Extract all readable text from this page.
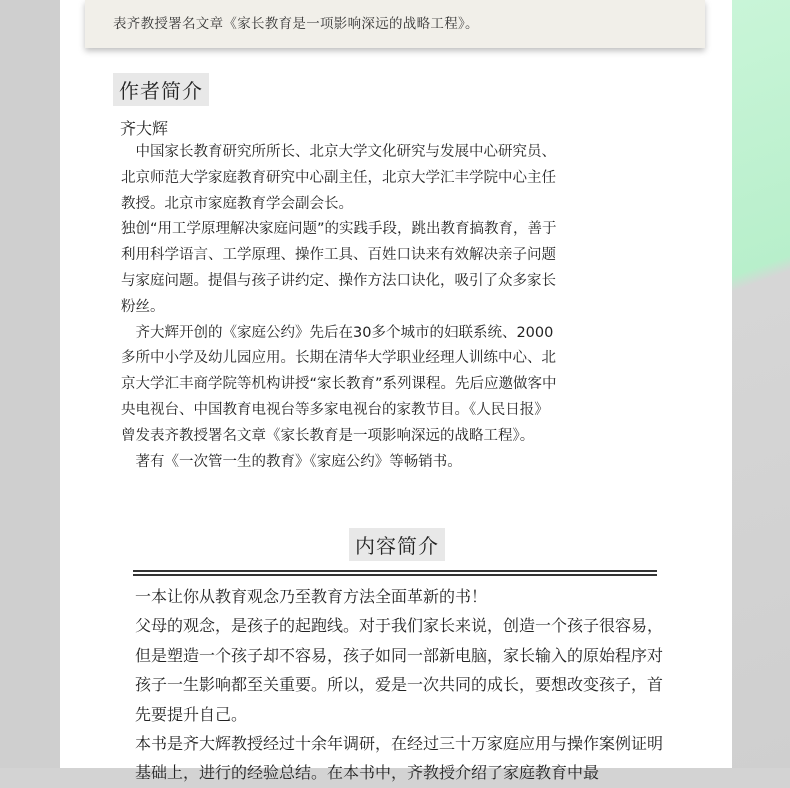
表齐教授署名文章《家长教育是一项影响深远的战略工程》。
作者简介
齐大辉

中国家长教育研究所所长、北京大学文化研究与发展中心研究员、北京师范大学家庭教育研究中心副主任，北京大学汇丰学院中心主任教授。北京市家庭教育学会副会长。

独创“用工学原理解决家庭问题”的实践手段，跳出教育搞教育，善于利用科学语言、工学原理、操作工具、百姓口诀来有效解决亲子问题与家庭问题。提倡与孩子讲约定、操作方法口诀化，吸引了众多家长粉丝。

齐大辉开创的《家庭公约》先后在30多个城市的妇联系统、2000多所中小学及幼儿园应用。长期在清华大学职业经理人训练中心、北京大学汇丰商学院等机构讲授“家长教育”系列课程。先后应邀做客中央电视台、中国教育电视台等多家电视台的家教节目。《人民日报》曾发表齐教授署名文章《家长教育是一项影响深远的战略工程》。

著有《一次管一生的教育》《家庭公约》等畅销书。

内容简介

一本让你从教育观念乃至教育方法全面革新的书！

父母的观念，是孩子的起跑线。对于我们家长来说，创造一个孩子很容易，但是塑造一个孩子却不容易，孩子如同一部新电脑，家长输入的原始程序对孩子一生影响都至关重要。所以，爱是一次共同的成长，要想改变孩子，首先要提升自己。

本书是齐大辉教授经过十余年调研，在经过三十万家庭应用与操作案例证明基础上，进行的经验总结。在本书中，齐教授介绍了家庭教育中最
